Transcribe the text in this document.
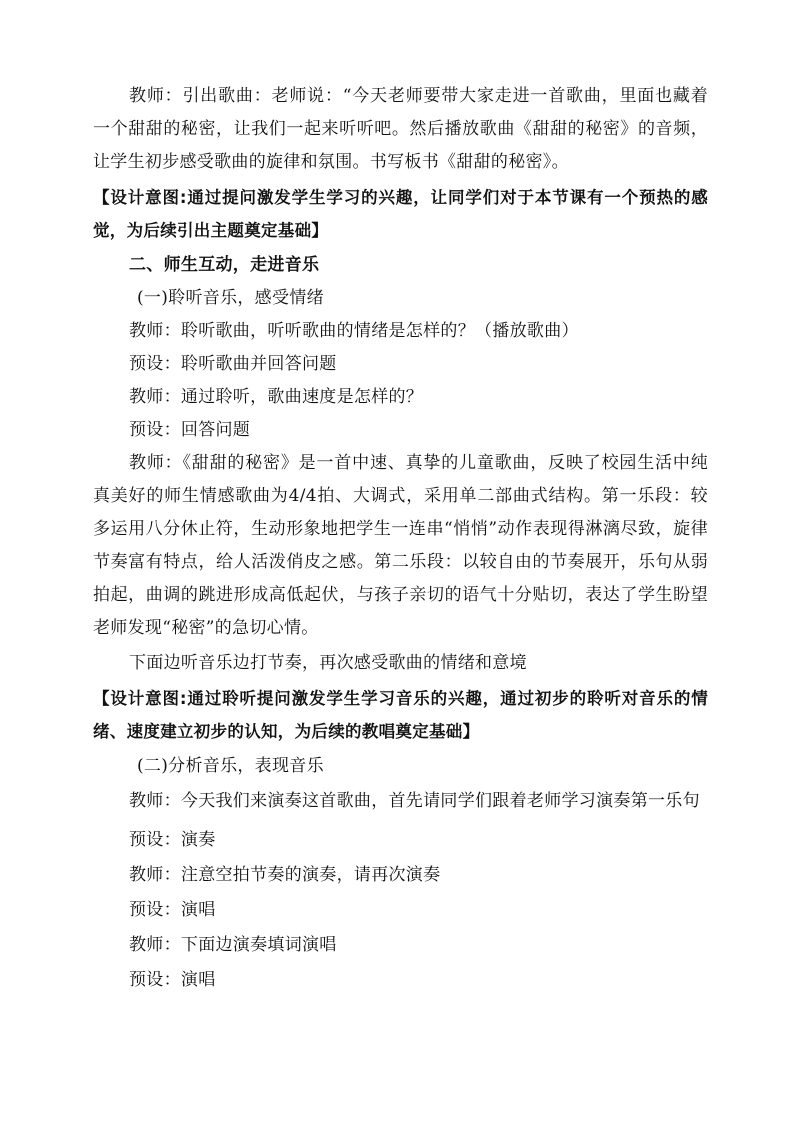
教师：引出歌曲：老师说：“今天老师要带大家走进一首歌曲，里面也藏着一个甜甜的秘密，让我们一起来听听吧。然后播放歌曲《甜甜的秘密》的音频，让学生初步感受歌曲的旋律和氛围。书写板书《甜甜的秘密》。

【设计意图:通过提问激发学生学习的兴趣，让同学们对于本节课有一个预热的感觉，为后续引出主题奠定基础】

二、师生互动，走进音乐

(一)聆听音乐，感受情绪

教师：聆听歌曲，听听歌曲的情绪是怎样的？（播放歌曲）

预设：聆听歌曲并回答问题

教师：通过聆听，歌曲速度是怎样的？

预设：回答问题

教师：《甜甜的秘密》是一首中速、真挚的儿童歌曲，反映了校园生活中纯真美好的师生情感歌曲为4/4拍、大调式，采用单二部曲式结构。第一乐段：较多运用八分休止符，生动形象地把学生一连串“悄悄”动作表现得淋漓尽致，旋律节奏富有特点，给人活泼俏皮之感。第二乐段：以较自由的节奏展开，乐句从弱拍起，曲调的跳进形成高低起伏，与孩子亲切的语气十分贴切，表达了学生盼望老师发现“秘密”的急切心情。

下面边听音乐边打节奏，再次感受歌曲的情绪和意境

【设计意图:通过聆听提问激发学生学习音乐的兴趣，通过初步的聆听对音乐的情绪、速度建立初步的认知，为后续的教唱奠定基础】

(二)分析音乐，表现音乐

教师：今天我们来演奏这首歌曲，首先请同学们跟着老师学习演奏第一乐句

预设：演奏

教师：注意空拍节奏的演奏，请再次演奏

预设：演唱

教师：下面边演奏填词演唱

预设：演唱
